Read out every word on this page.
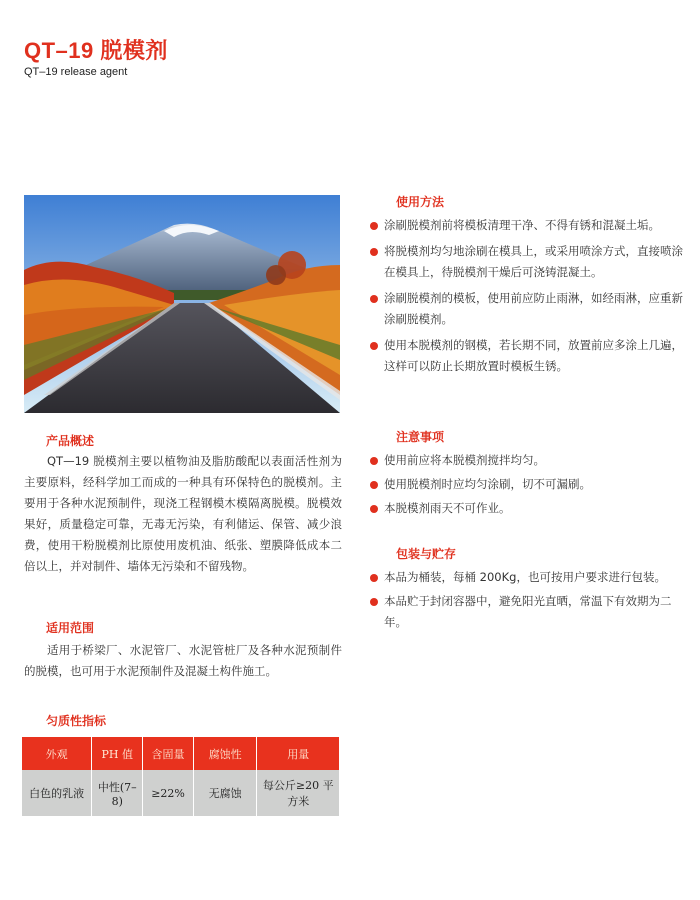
QT–19 脱模剂
QT–19 release agent
产品概述

QT—19 脱模剂主要以植物油及脂肪酸配以表面活性剂为主要原料，经科学加工而成的一种具有环保特色的脱模剂。主要用于各种水泥预制件，现浇工程钢模木模隔离脱模。脱模效果好，质量稳定可靠，无毒无污染，有利储运、保管、减少浪费，使用干粉脱模剂比原使用废机油、纸张、塑膜降低成本二倍以上，并对制件、墙体无污染和不留残物。

适用范围

适用于桥梁厂、水泥管厂、水泥管桩厂及各种水泥预制件的脱模，也可用于水泥预制件及混凝土构件施工。

匀质性指标
外观	PH 值	含固量	腐蚀性	用量
白色的乳液	中性(7–8)	≥22%	无腐蚀	每公斤≥20 平方米
使用方法
涂刷脱模剂前将模板清理干净、不得有锈和混凝土垢。
将脱模剂均匀地涂刷在模具上，或采用喷涂方式，直接喷涂在模具上，待脱模剂干燥后可浇铸混凝土。
涂刷脱模剂的模板，使用前应防止雨淋，如经雨淋，应重新涂刷脱模剂。
使用本脱模剂的钢模，若长期不同，放置前应多涂上几遍，这样可以防止长期放置时模板生锈。
注意事项
使用前应将本脱模剂搅拌均匀。
使用脱模剂时应均匀涂刷，切不可漏刷。
本脱模剂雨天不可作业。
包装与贮存
本品为桶装，每桶 200Kg，也可按用户要求进行包装。
本品贮于封闭容器中，避免阳光直晒，常温下有效期为二年。
